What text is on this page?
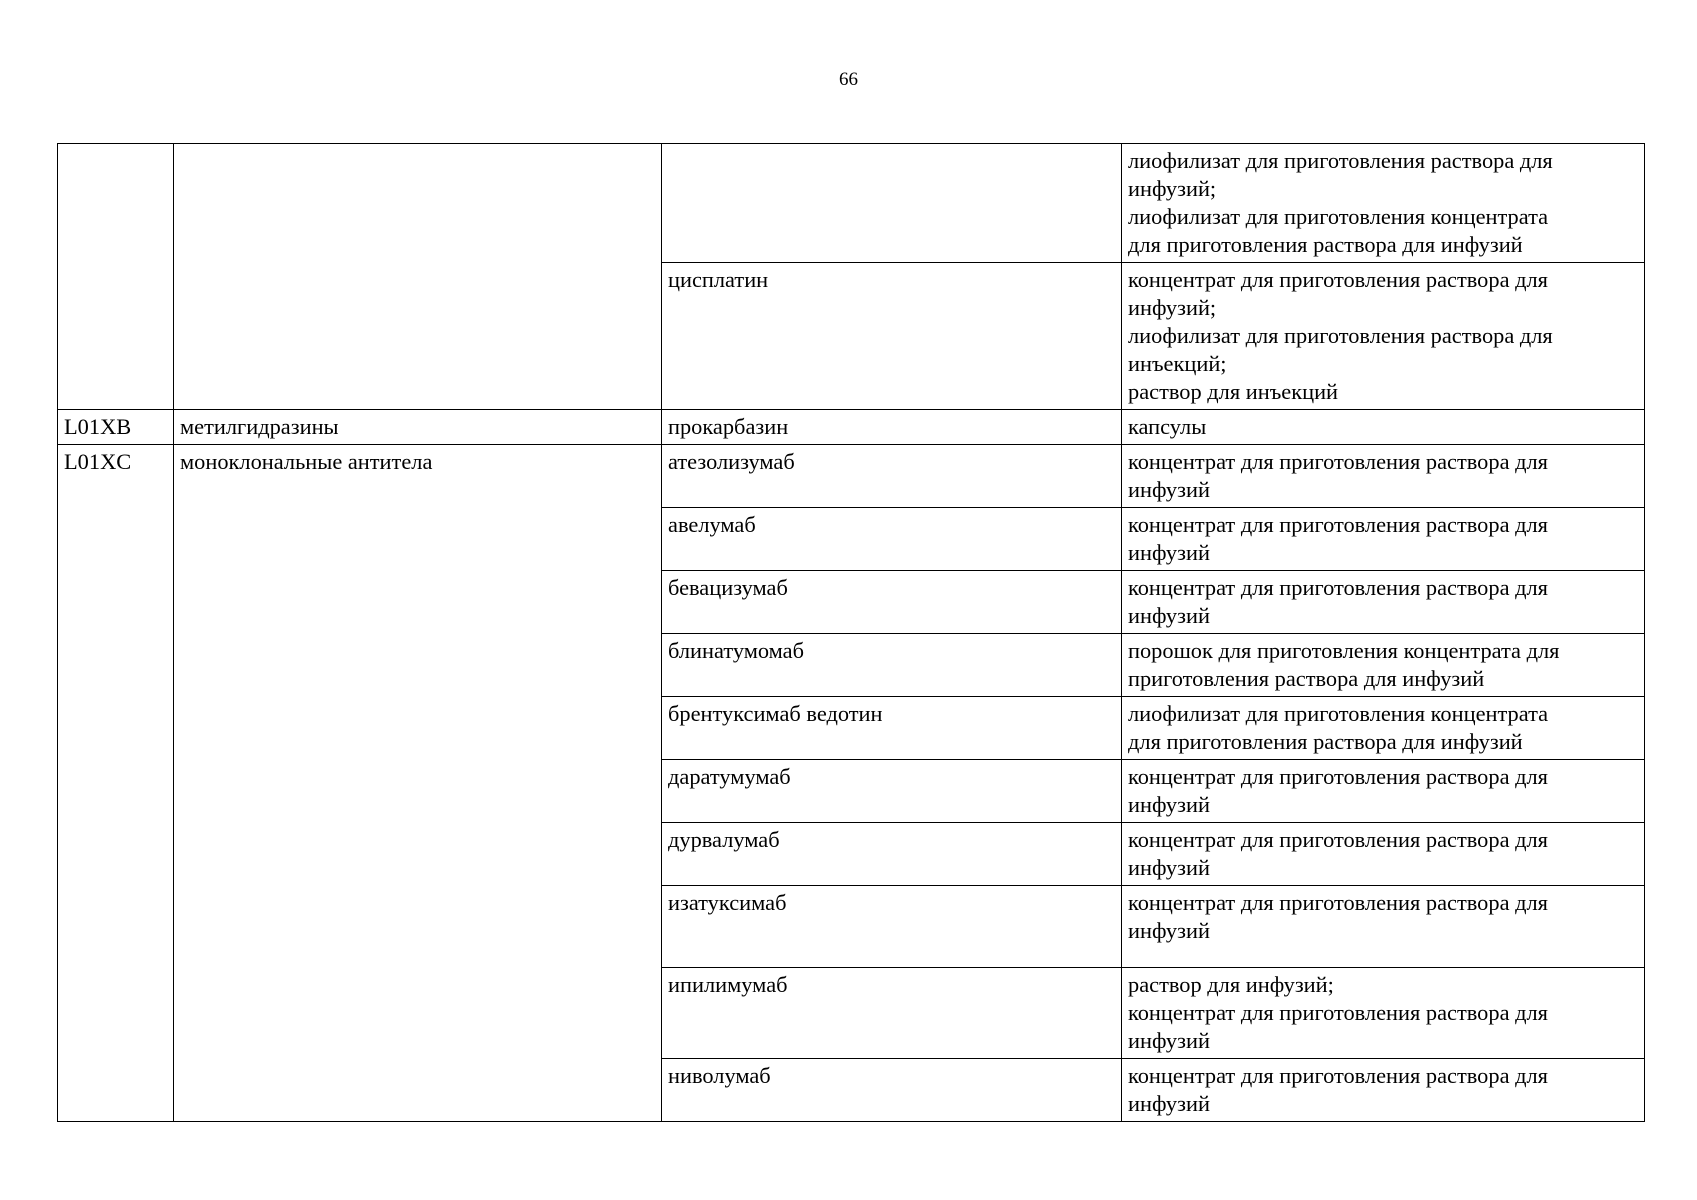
66

			лиофилизат для приготовления раствора для
инфузий;
лиофилизат для приготовления концентрата
для приготовления раствора для инфузий

		цисплатин	концентрат для приготовления раствора для
инфузий;
лиофилизат для приготовления раствора для
инъекций;
раствор для инъекций

L01XB	метилгидразины	прокарбазин	капсулы
L01XC	моноклональные антитела	атезолизумаб	концентрат для приготовления раствора для
инфузий

		авелумаб	концентрат для приготовления раствора для
инфузий

		бевацизумаб	концентрат для приготовления раствора для
инфузий

		блинатумомаб	порошок для приготовления концентрата для
приготовления раствора для инфузий

		брентуксимаб ведотин	лиофилизат для приготовления концентрата
для приготовления раствора для инфузий

		даратумумаб	концентрат для приготовления раствора для
инфузий

		дурвалумаб	концентрат для приготовления раствора для
инфузий

		изатуксимаб	концентрат для приготовления раствора для
инфузий

		ипилимумаб	раствор для инфузий;
концентрат для приготовления раствора для
инфузий

		ниволумаб	концентрат для приготовления раствора для
инфузий
